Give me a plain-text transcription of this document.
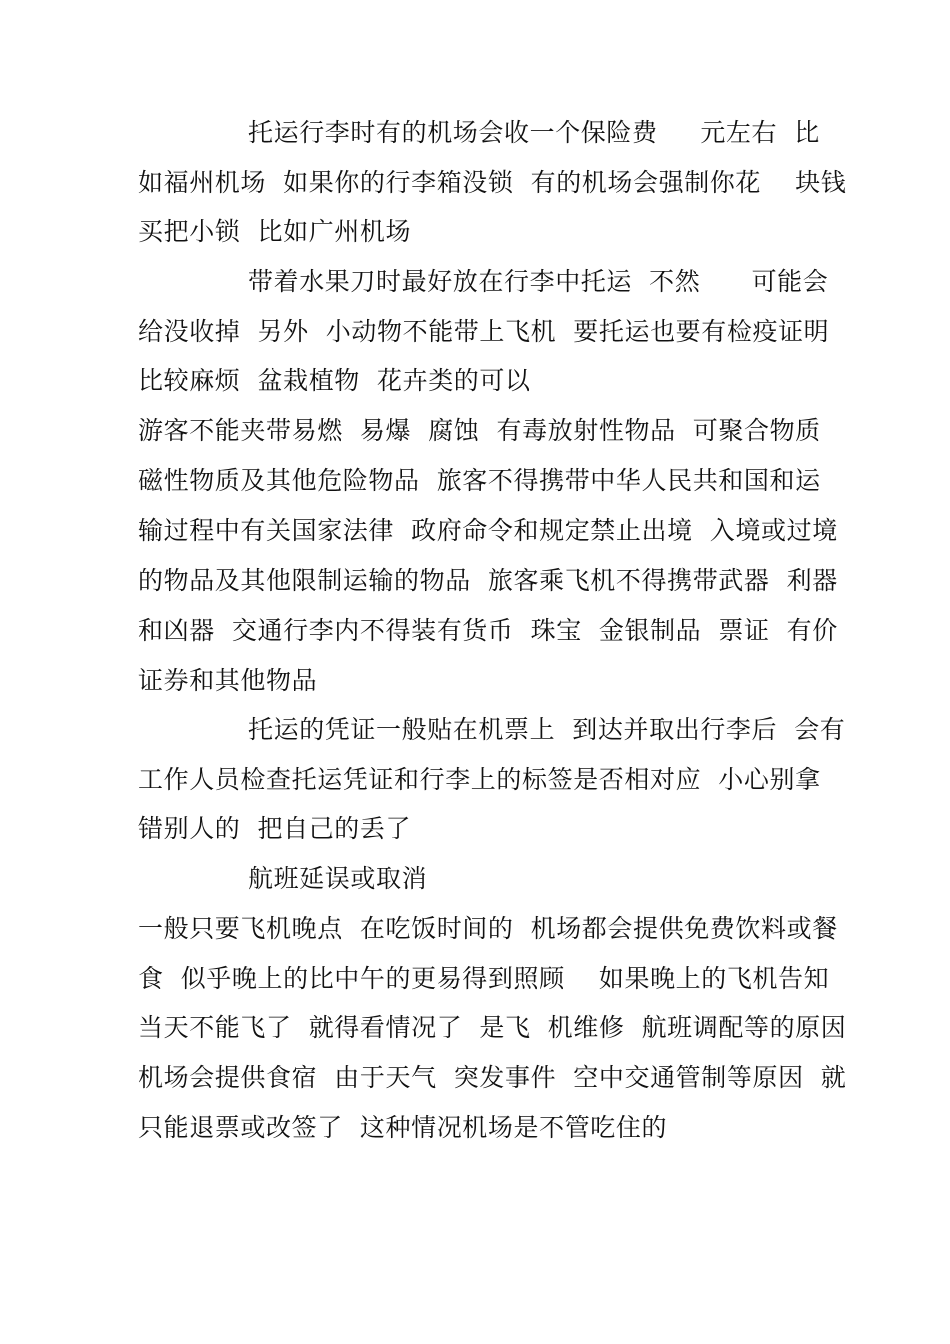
托运行李时有的机场会收一个保险费     元左右  比
如福州机场  如果你的行李箱没锁  有的机场会强制你花    块钱
买把小锁  比如广州机场
带着水果刀时最好放在行李中托运  不然      可能会
给没收掉  另外  小动物不能带上飞机  要托运也要有检疫证明
比较麻烦  盆栽植物  花卉类的可以
游客不能夹带易燃  易爆  腐蚀  有毒放射性物品  可聚合物质
磁性物质及其他危险物品  旅客不得携带中华人民共和国和运
输过程中有关国家法律  政府命令和规定禁止出境  入境或过境
的物品及其他限制运输的物品  旅客乘飞机不得携带武器  利器
和凶器  交通行李内不得装有货币  珠宝  金银制品  票证  有价
证券和其他物品
托运的凭证一般贴在机票上  到达并取出行李后  会有
工作人员检查托运凭证和行李上的标签是否相对应  小心别拿
错别人的  把自己的丢了
航班延误或取消
一般只要飞机晚点  在吃饭时间的  机场都会提供免费饮料或餐
食  似乎晚上的比中午的更易得到照顾    如果晚上的飞机告知
当天不能飞了  就得看情况了  是飞  机维修  航班调配等的原因
机场会提供食宿  由于天气  突发事件  空中交通管制等原因  就
只能退票或改签了  这种情况机场是不管吃住的
